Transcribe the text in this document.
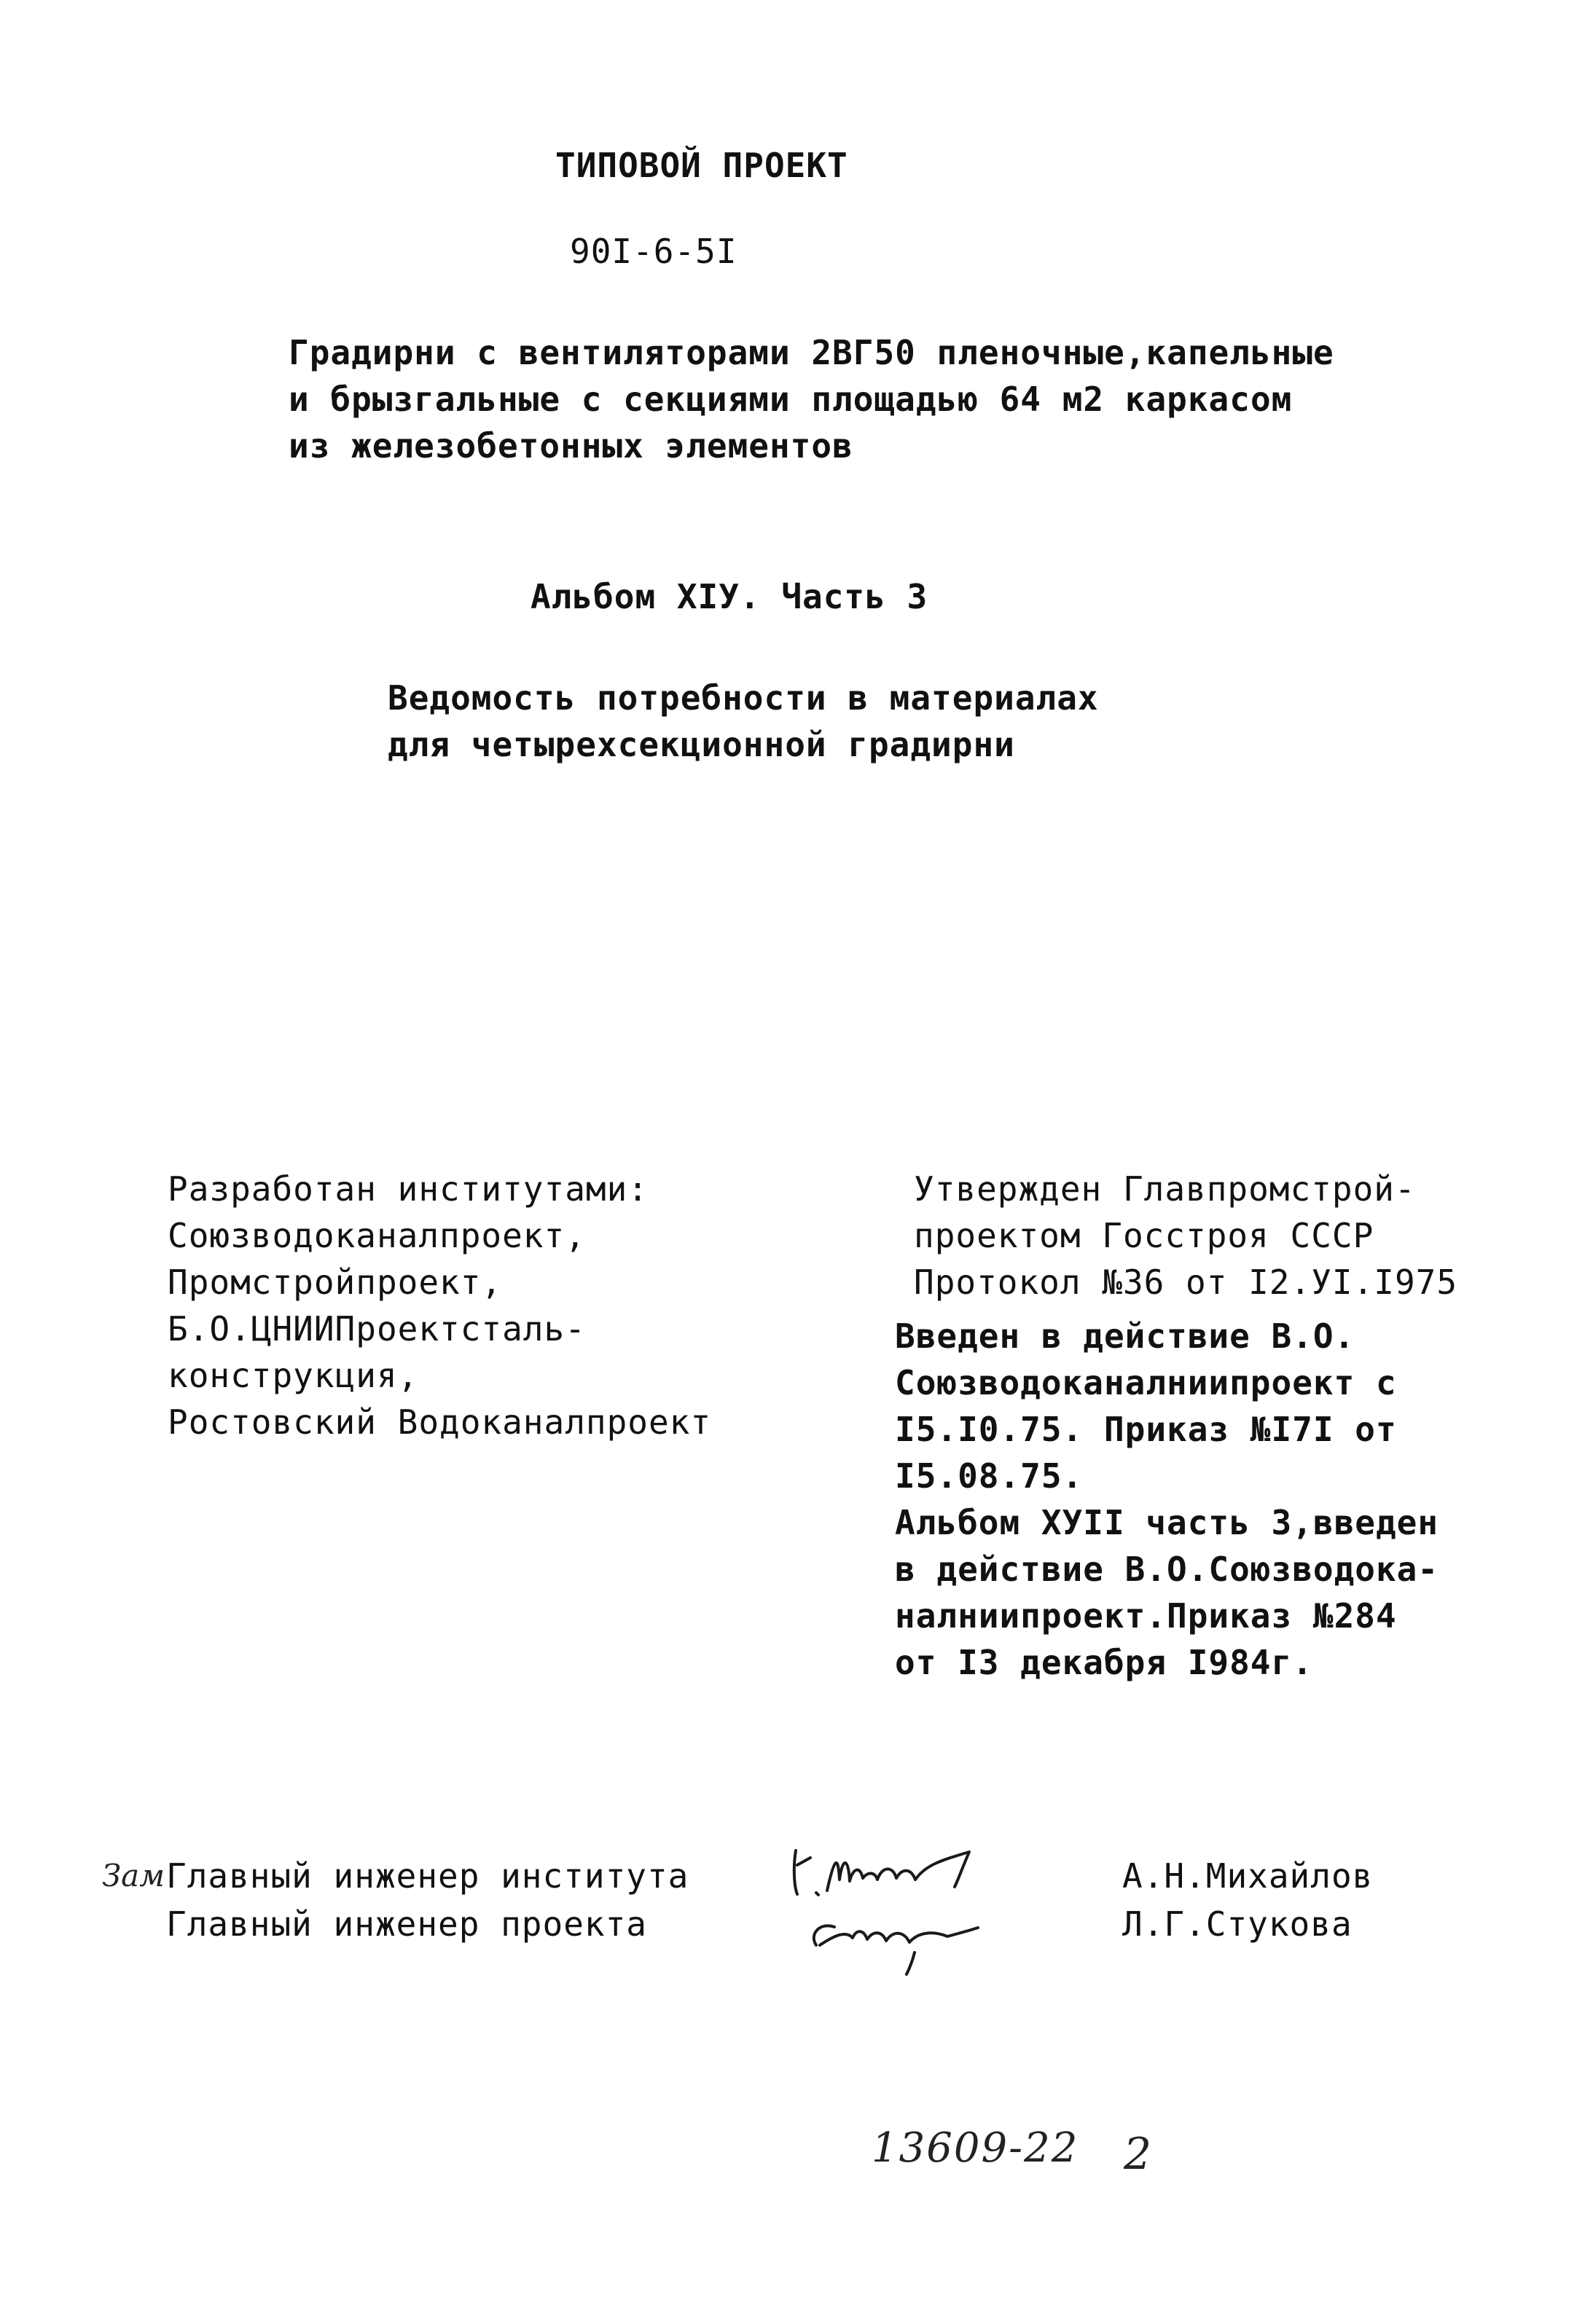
ТИПОВОЙ ПРОЕКТ
90I-6-5I
Градирни с вентиляторами 2ВГ50 пленочные,капельные
и брызгальные с секциями площадью 64 м2 каркасом
из железобетонных элементов
Альбом XIУ. Часть 3
Ведомость потребности в материалах
для четырехсекционной градирни
Разработан институтами:
Союзводоканалпроект,
Промстройпроект,
Б.О.ЦНИИПроектсталь-
конструкция,
Ростовский Водоканалпроект
Утвержден Главпромстрой-
проектом Госстроя СССР
Протокол №36 от I2.УI.I975
Введен в действие В.О.
Союзводоканалниипроект с
I5.I0.75. Приказ №I7I от
I5.08.75.
Альбом XУII часть 3,введен
в действие В.О.Союзводока-
налниипроект.Приказ №284
от I3 декабря I984г.
Зам Главный инженер института
Главный инженер проекта
А.Н.Михайлов
Л.Г.Стукова
13609-22 2
